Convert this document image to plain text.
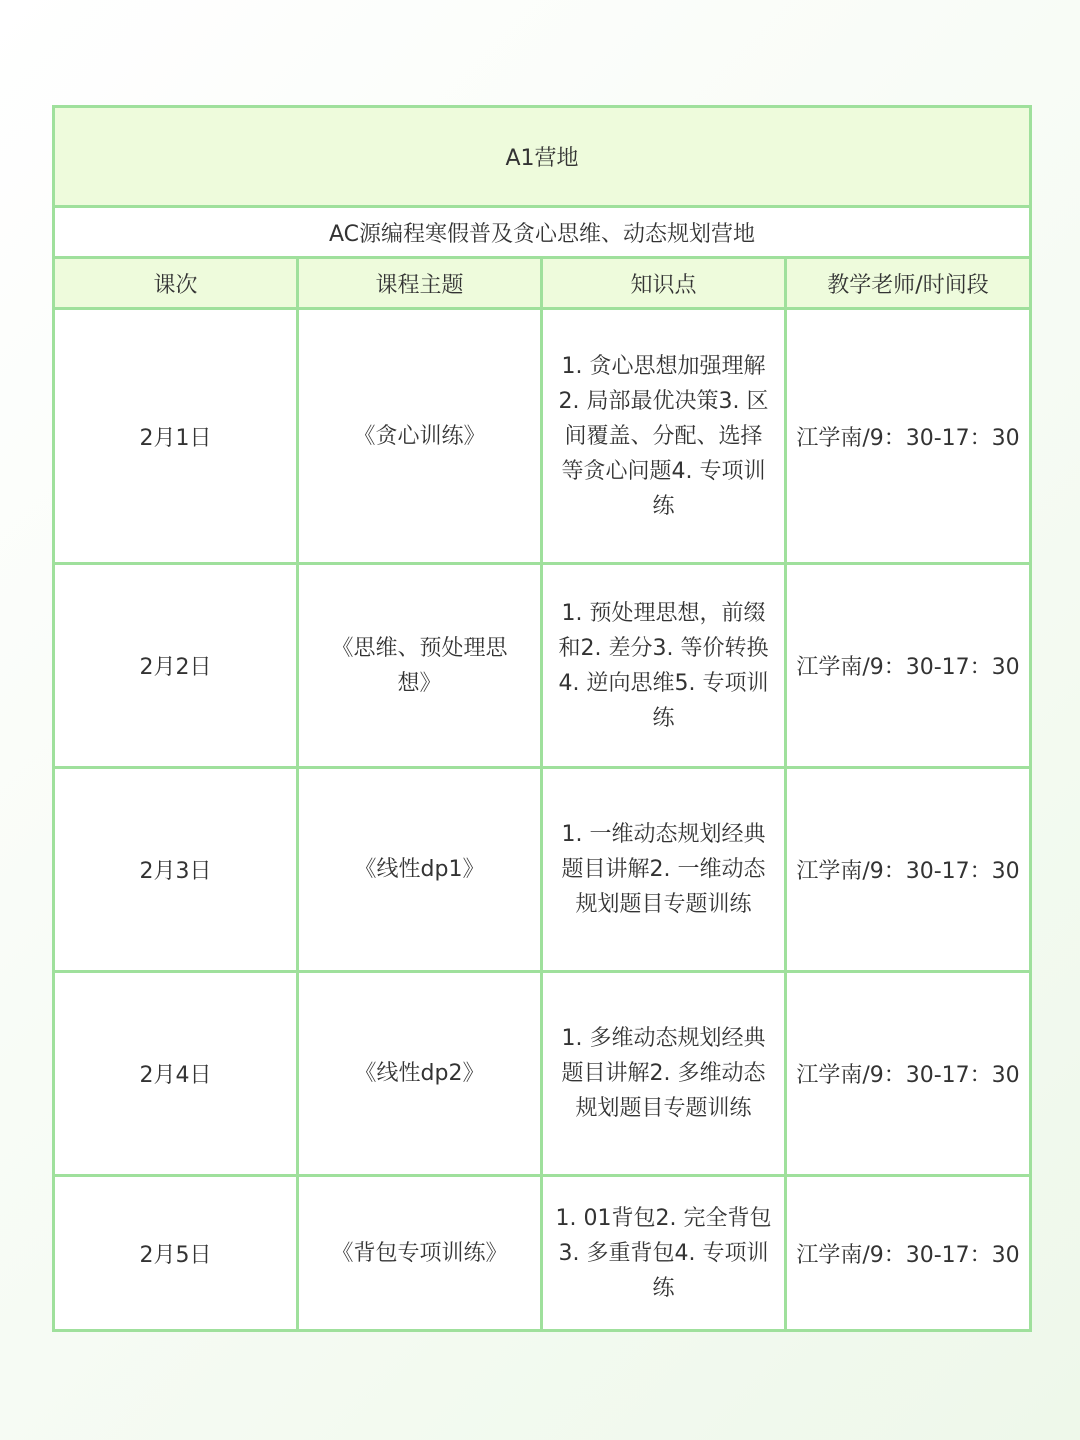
A1营地			
AC源编程寒假普及贪心思维、动态规划营地			
课次	课程主题	知识点	教学老师/时间段
2月1日	《贪心训练》	1. 贪心思想加强理解2. 局部最优决策3. 区间覆盖、分配、选择等贪心问题4. 专项训练	江学南/9：30-17：30
2月2日	《思维、预处理思想》	1. 预处理思想，前缀和2. 差分3. 等价转换4. 逆向思维5. 专项训练	江学南/9：30-17：30
2月3日	《线性dp1》	1. 一维动态规划经典题目讲解2. 一维动态规划题目专题训练	江学南/9：30-17：30
2月4日	《线性dp2》	1. 多维动态规划经典题目讲解2. 多维动态规划题目专题训练	江学南/9：30-17：30
2月5日	《背包专项训练》	1. 01背包2. 完全背包3. 多重背包4. 专项训练	江学南/9：30-17：30
